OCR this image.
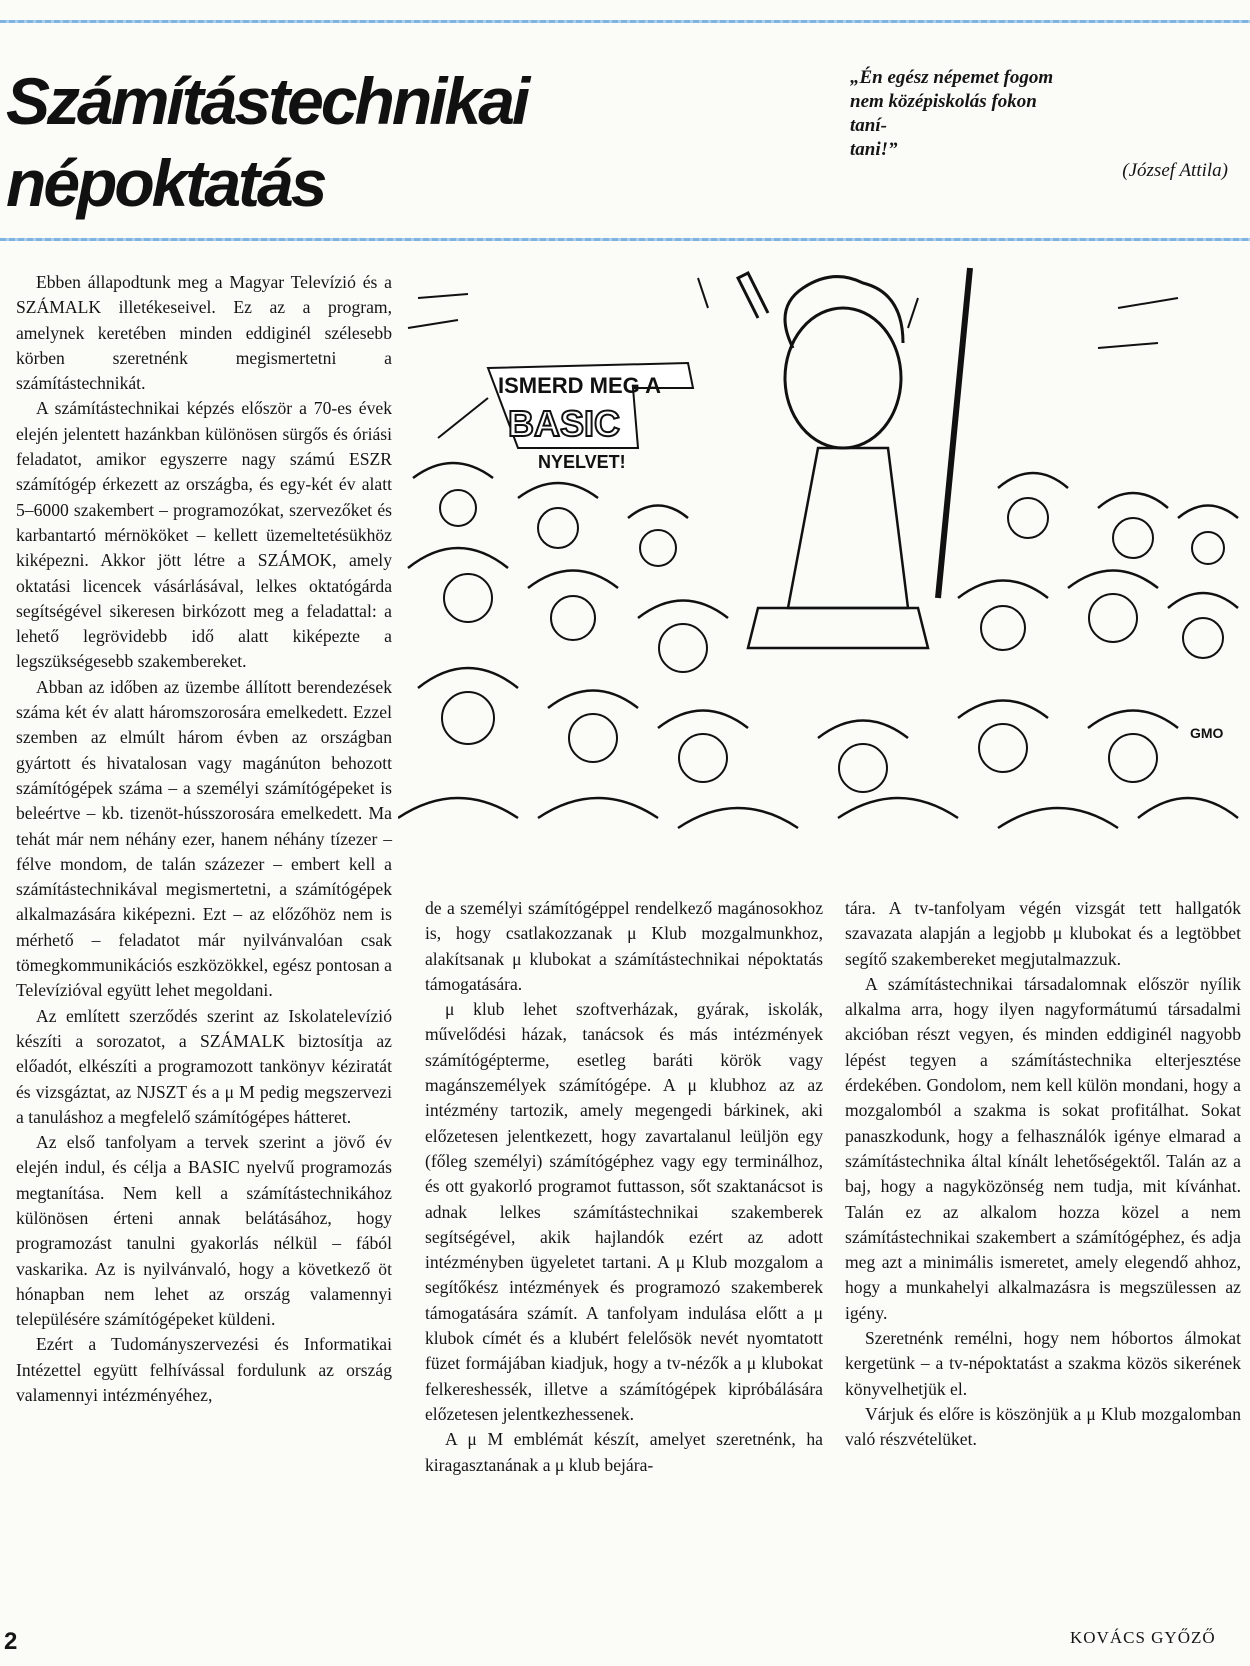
Számítástechnikai
népoktatás
„Én egész népemet fogom
nem középiskolás fokon
taní-
tani!”
(József Attila)

Ebben állapodtunk meg a Magyar Televízió és a SZÁMALK illetékeseivel. Ez az a program, amelynek keretében minden eddiginél szélesebb körben szeretnénk megismertetni a számítástechnikát.

A számítástechnikai képzés először a 70-es évek elején jelentett hazánkban különösen sürgős és óriási feladatot, amikor egyszerre nagy számú ESZR számítógép érkezett az országba, és egy-két év alatt 5–6000 szakembert – programozókat, szervezőket és karbantartó mérnököket – kellett üzemeltetésükhöz kiképezni. Akkor jött létre a SZÁMOK, amely oktatási licencek vásárlásával, lelkes oktatógárda segítségével sikeresen birkózott meg a feladattal: a lehető legrövidebb idő alatt kiképezte a legszükségesebb szakembereket.

Abban az időben az üzembe állított berendezések száma két év alatt háromszorosára emelkedett. Ezzel szemben az elmúlt három évben az országban gyártott és hivatalosan vagy magánúton behozott számítógépek száma – a személyi számítógépeket is beleértve – kb. tizenöt-hússzorosára emelkedett. Ma tehát már nem néhány ezer, hanem néhány tízezer – félve mondom, de talán százezer – embert kell a számítástechnikával megismertetni, a számítógépek alkalmazására kiképezni. Ezt – az előzőhöz nem is mérhető – feladatot már nyilvánvalóan csak tömegkommunikációs eszközökkel, egész pontosan a Televízióval együtt lehet megoldani.

Az említett szerződés szerint az Iskolatelevízió készíti a sorozatot, a SZÁMALK biztosítja az előadót, elkészíti a programozott tankönyv kéziratát és vizsgáztat, az NJSZT és a μ M pedig megszervezi a tanuláshoz a megfelelő számítógépes hátteret.

Az első tanfolyam a tervek szerint a jövő év elején indul, és célja a BASIC nyelvű programozás megtanítása. Nem kell a számítástechnikához különösen érteni annak belátásához, hogy programozást tanulni gyakorlás nélkül – fából vaskarika. Az is nyilvánvaló, hogy a következő öt hónapban nem lehet az ország valamennyi településére számítógépeket küldeni.

Ezért a Tudományszervezési és Informatikai Intézettel együtt felhívással fordulunk az ország valamennyi intézményéhez,

ISMERD MEG A
BASIC
NYELVET!
GMO

de a személyi számítógéppel rendelkező magánosokhoz is, hogy csatlakozzanak μ Klub mozgalmunkhoz, alakítsanak μ klubokat a számítástechnikai népoktatás támogatására.

μ klub lehet szoftverházak, gyárak, iskolák, művelődési házak, tanácsok és más intézmények számítógépterme, esetleg baráti körök vagy magánszemélyek számítógépe. A μ klubhoz az az intézmény tartozik, amely megengedi bárkinek, aki előzetesen jelentkezett, hogy zavartalanul leüljön egy (főleg személyi) számítógéphez vagy egy terminálhoz, és ott gyakorló programot futtasson, sőt szaktanácsot is adnak lelkes számítástechnikai szakemberek segítségével, akik hajlandók ezért az adott intézményben ügyeletet tartani. A μ Klub mozgalom a segítőkész intézmények és programozó szakemberek támogatására számít. A tanfolyam indulása előtt a μ klubok címét és a klubért felelősök nevét nyomtatott füzet formájában kiadjuk, hogy a tv-nézők a μ klubokat felkereshessék, illetve a számítógépek kipróbálására előzetesen jelentkezhessenek.

A μ M emblémát készít, amelyet szeretnénk, ha kiragasztanának a μ klub bejára-

tára. A tv-tanfolyam végén vizsgát tett hallgatók szavazata alapján a legjobb μ klubokat és a legtöbbet segítő szakembereket megjutalmazzuk.

A számítástechnikai társadalomnak először nyílik alkalma arra, hogy ilyen nagyformátumú társadalmi akcióban részt vegyen, és minden eddiginél nagyobb lépést tegyen a számítástechnika elterjesztése érdekében. Gondolom, nem kell külön mondani, hogy a mozgalomból a szakma is sokat profitálhat. Sokat panaszkodunk, hogy a felhasználók igénye elmarad a számítástechnika által kínált lehetőségektől. Talán az a baj, hogy a nagyközönség nem tudja, mit kívánhat. Talán ez az alkalom hozza közel a nem számítástechnikai szakembert a számítógéphez, és adja meg azt a minimális ismeretet, amely elegendő ahhoz, hogy a munkahelyi alkalmazásra is megszülessen az igény.

Szeretnénk remélni, hogy nem hóbortos álmokat kergetünk – a tv-népoktatást a szakma közös sikerének könyvelhetjük el.

Várjuk és előre is köszönjük a μ Klub mozgalomban való részvételüket.

KOVÁCS GYŐZŐ
2
